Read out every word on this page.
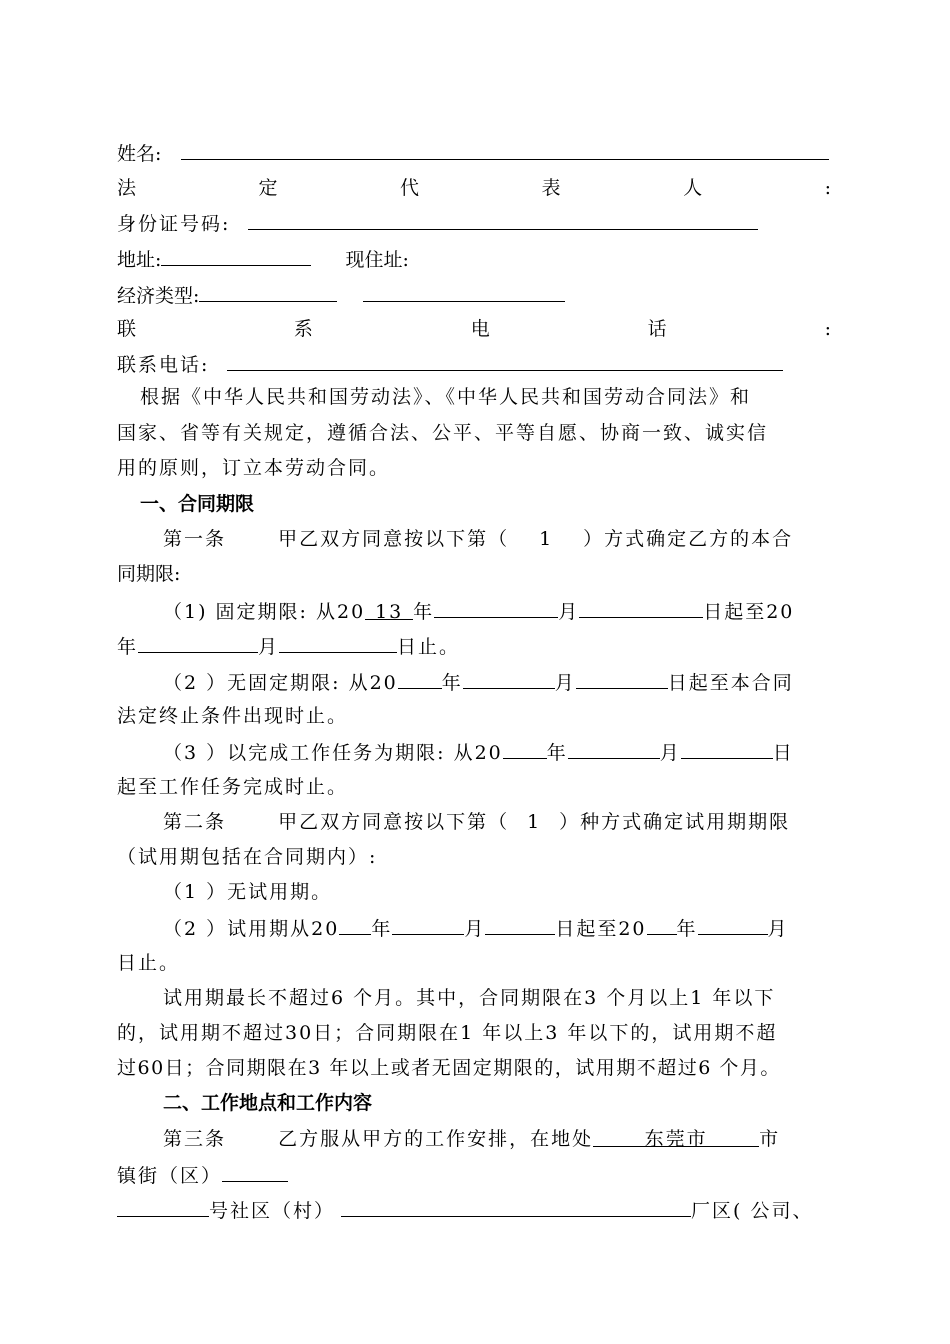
姓名:
法	定	代	表	人	:
身份证号码:
地址:	现住址:
经济类型:
联	系	电	话	:
联系电话:
根据《中华人民共和国劳动法》、《中华人民共和国劳动合同法》和
国家、省等有关规定，遵循合法、公平、平等自愿、协商一致、诚实信
用的原则，订立本劳动合同。
一、合同期限
第一条	甲乙双方同意按以下第（ 1 ）方式确定乙方的本合
同期限:
（1) 固定期限: 从20 13 年	月	日起至20
年	月	日止。
（2 ）无固定期限: 从20 年	月	日起至本合同
法定终止条件出现时止。
（3 ）以完成工作任务为期限: 从20 年	月	日
起至工作任务完成时止。
第二条	甲乙双方同意按以下第（ 1 ）种方式确定试用期期限
（试用期包括在合同期内）:
（1 ）无试用期。
（2 ）试用期从20 年	月	日起至20 年	月
日止。
试用期最长不超过6 个月。其中，合同期限在3 个月以上1 年以下
的，试用期不超过30日；合同期限在1 年以上3 年以下的，试用期不超
过60日；合同期限在3 年以上或者无固定期限的，试用期不超过6 个月。
二、工作地点和工作内容
第三条	乙方服从甲方的工作安排，在地处	东莞市	市
镇街（区）
号社区（村）	厂区( 公司、
